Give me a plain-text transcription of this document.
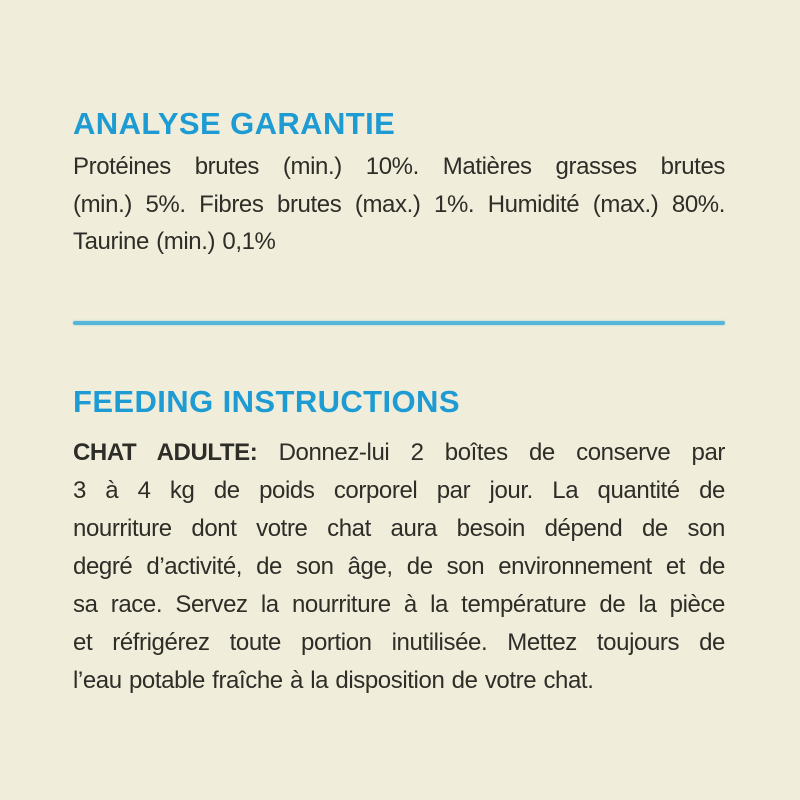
ANALYSE GARANTIE
Protéines brutes (min.) 10%. Matières grasses brutes
(min.) 5%. Fibres brutes (max.) 1%. Humidité (max.) 80%.
Taurine (min.) 0,1%
FEEDING INSTRUCTIONS
CHAT ADULTE: Donnez-lui 2 boîtes de conserve par
3 à 4 kg de poids corporel par jour. La quantité de
nourriture dont votre chat aura besoin dépend de son
degré d’activité, de son âge, de son environnement et de
sa race. Servez la nourriture à la température de la pièce
et réfrigérez toute portion inutilisée. Mettez toujours de
l’eau potable fraîche à la disposition de votre chat.
